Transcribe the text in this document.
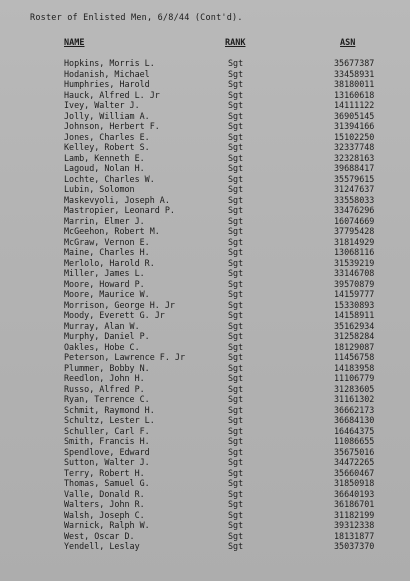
Roster of Enlisted Men, 6/8/44 (Cont'd).
NAME	RANK	ASN
Hopkins, Morris L.	Sgt	35677387
Hodanish, Michael	Sgt	33458931
Humphries, Harold	Sgt	38180011
Hauck, Alfred L. Jr	Sgt	13160618
Ivey, Walter J.	Sgt	14111122
Jolly, William A.	Sgt	36905145
Johnson, Herbert F.	Sgt	31394166
Jones, Charles E.	Sgt	15102250
Kelley, Robert S.	Sgt	32337748
Lamb, Kenneth E.	Sgt	32328163
Lagoud, Nolan H.	Sgt	39688417
Lochte, Charles W.	Sgt	35579615
Lubin, Solomon	Sgt	31247637
Maskevyoli, Joseph A.	Sgt	33558033
Mastropier, Leonard P.	Sgt	33476296
Marrin, Elmer J.	Sgt	16074669
McGeehon, Robert M.	Sgt	37795428
McGraw, Vernon E.	Sgt	31814929
Maine, Charles H.	Sgt	13068116
Merlolo, Harold R.	Sgt	31539219
Miller, James L.	Sgt	33146708
Moore, Howard P.	Sgt	39570879
Moore, Maurice W.	Sgt	14159777
Morrison, George H. Jr	Sgt	15330893
Moody, Everett G. Jr	Sgt	14158911
Murray, Alan W.	Sgt	35162934
Murphy, Daniel P.	Sgt	31258284
Oakles, Hobe C.	Sgt	18129087
Peterson, Lawrence F. Jr	Sgt	11456758
Plummer, Bobby N.	Sgt	14183958
Reedlon, John H.	Sgt	11106779
Russo, Alfred P.	Sgt	31283605
Ryan, Terrence C.	Sgt	31161302
Schmit, Raymond H.	Sgt	36662173
Schultz, Lester L.	Sgt	36684130
Schuller, Carl F.	Sgt	16464375
Smith, Francis H.	Sgt	11086655
Spendlove, Edward	Sgt	35675016
Sutton, Walter J.	Sgt	34472265
Terry, Robert H.	Sgt	35660467
Thomas, Samuel G.	Sgt	31850918
Valle, Donald R.	Sgt	36640193
Walters, John R.	Sgt	36186701
Walsh, Joseph C.	Sgt	31182199
Warnick, Ralph W.	Sgt	39312338
West, Oscar D.	Sgt	18131877
Yendell, Leslay	Sgt	35037370
